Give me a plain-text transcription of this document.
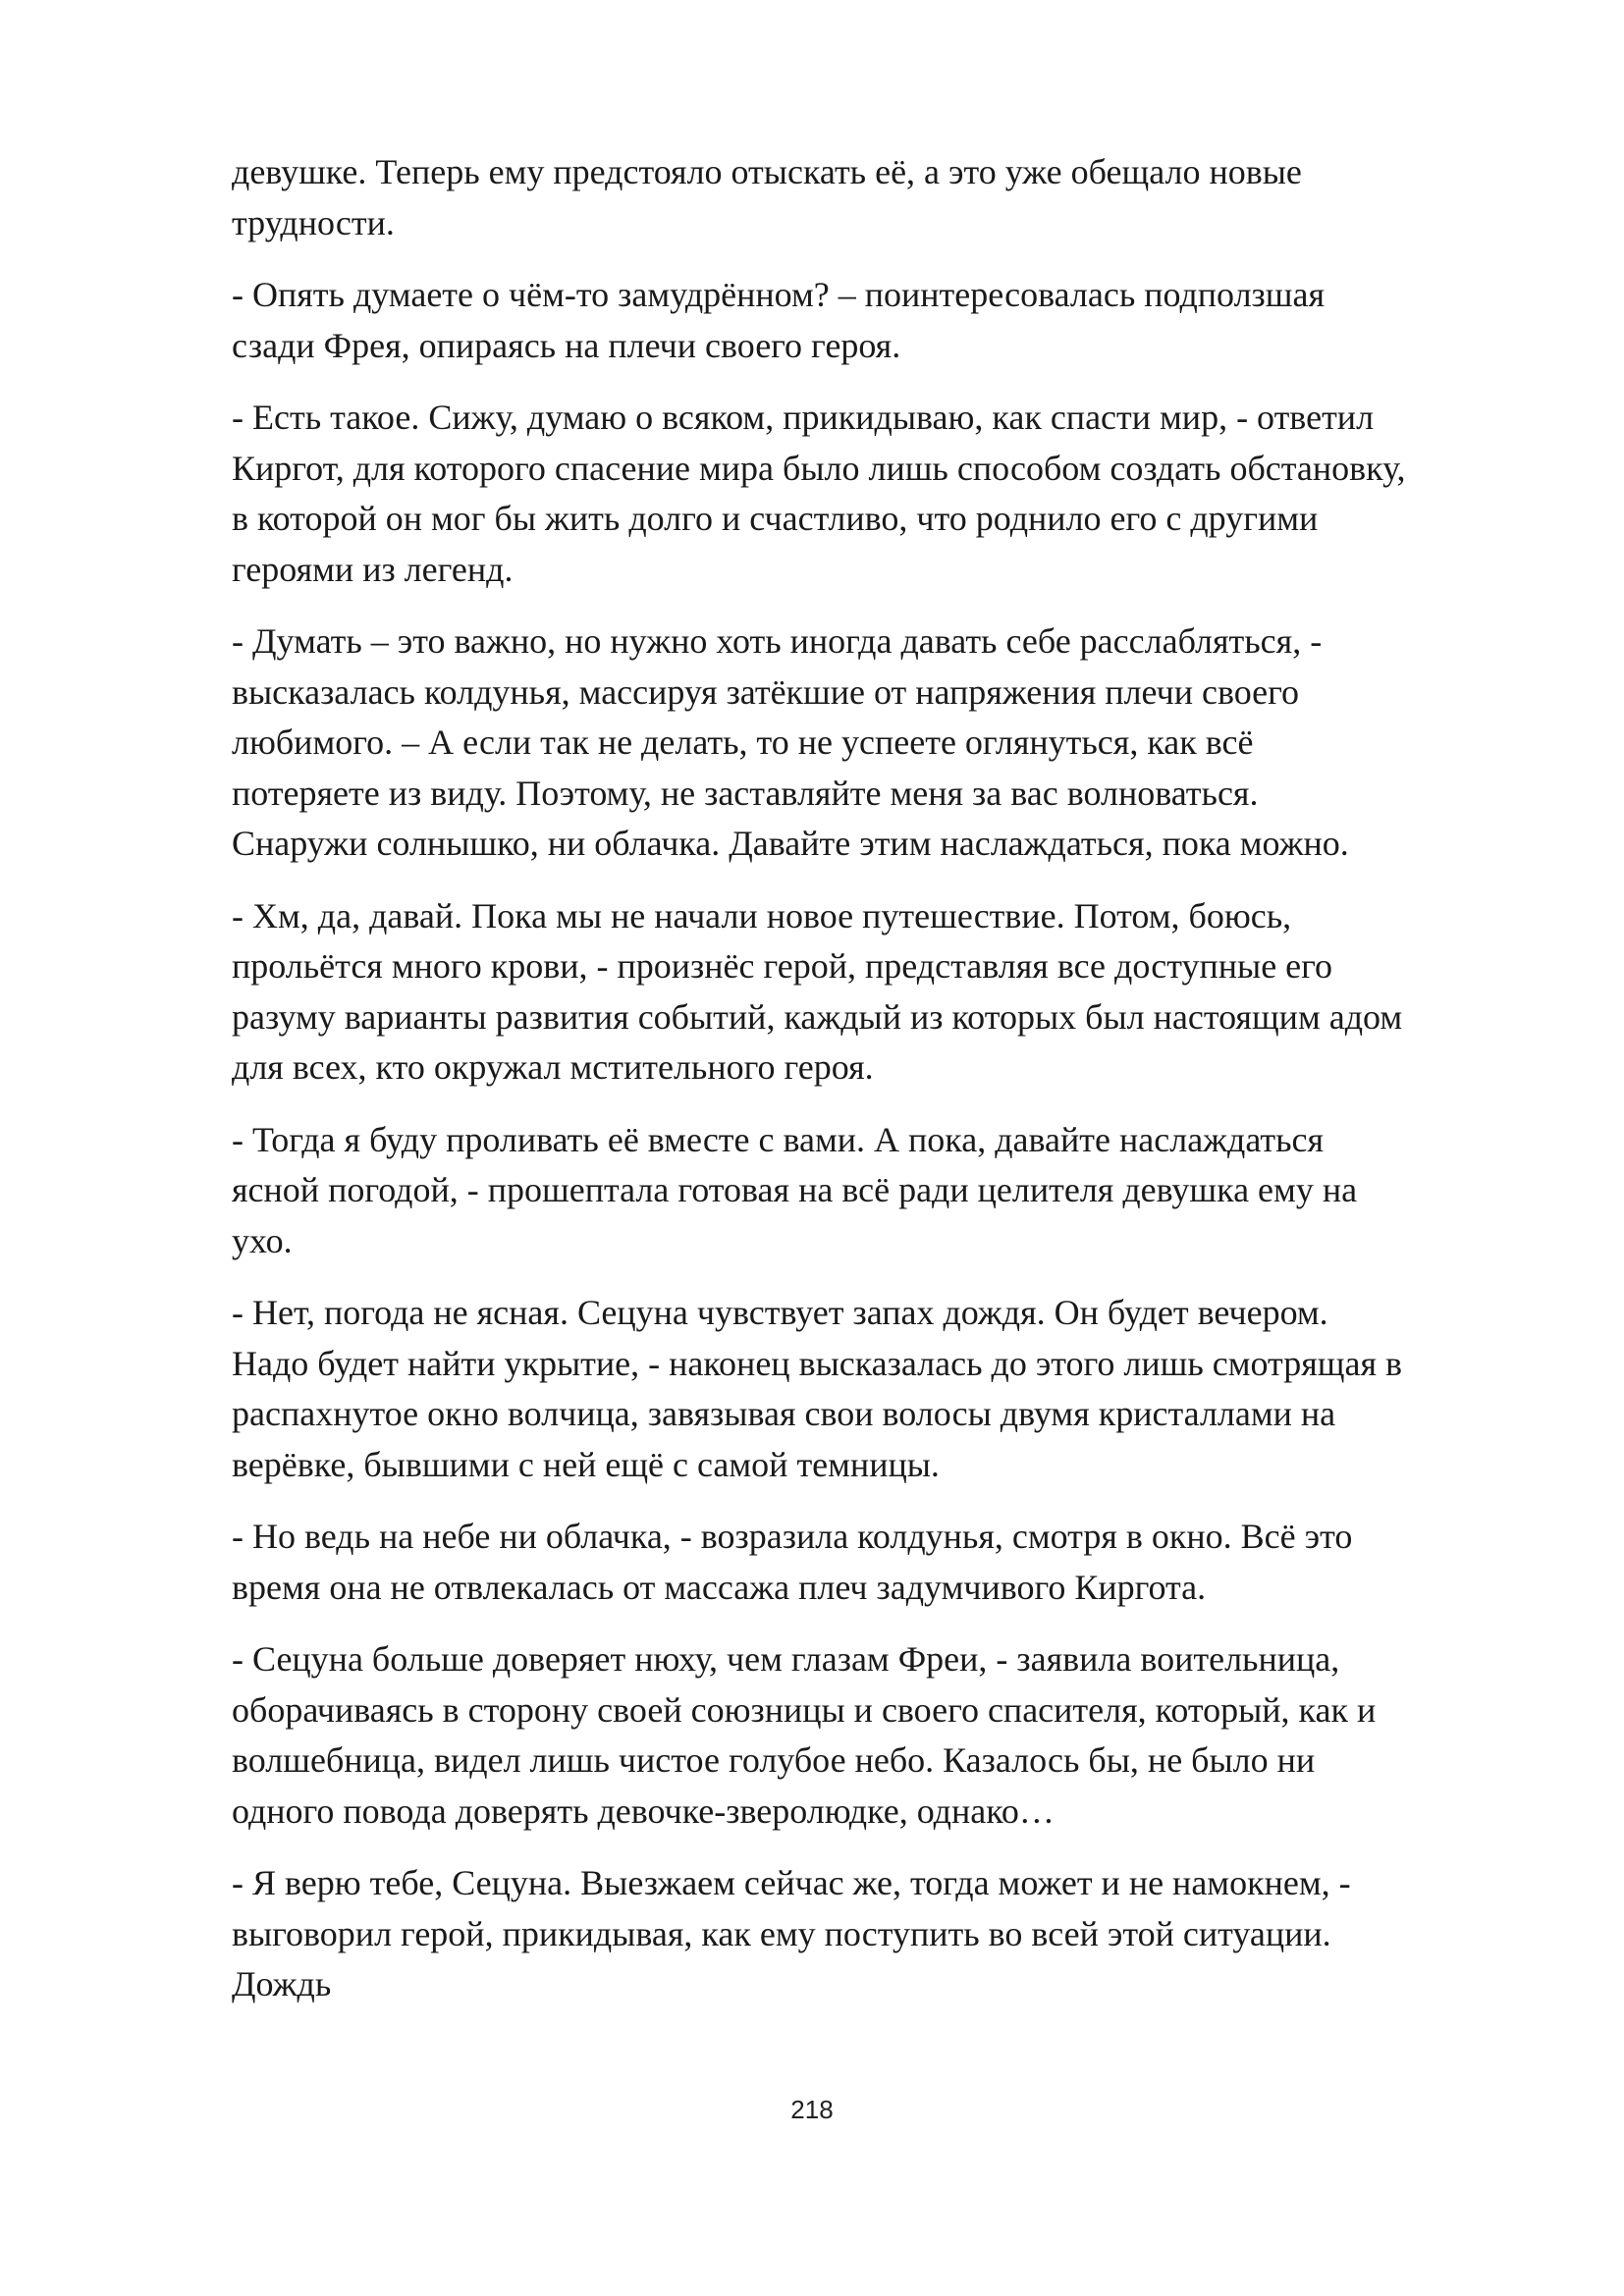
девушке. Теперь ему предстояло отыскать её, а это уже обещало новые
трудности.

- Опять думаете о чём-то замудрённом? – поинтересовалась подползшая
сзади Фрея, опираясь на плечи своего героя.

- Есть такое. Сижу, думаю о всяком, прикидываю, как спасти мир, - ответил
Киргот, для которого спасение мира было лишь способом создать обстановку,
в которой он мог бы жить долго и счастливо, что роднило его с другими
героями из легенд.

- Думать – это важно, но нужно хоть иногда давать себе расслабляться, -
высказалась колдунья, массируя затёкшие от напряжения плечи своего
любимого. – А если так не делать, то не успеете оглянуться, как всё
потеряете из виду. Поэтому, не заставляйте меня за вас волноваться.
Снаружи солнышко, ни облачка. Давайте этим наслаждаться, пока можно.

- Хм, да, давай. Пока мы не начали новое путешествие. Потом, боюсь,
прольётся много крови, - произнёс герой, представляя все доступные его
разуму варианты развития событий, каждый из которых был настоящим адом
для всех, кто окружал мстительного героя.

- Тогда я буду проливать её вместе с вами. А пока, давайте наслаждаться
ясной погодой, - прошептала готовая на всё ради целителя девушка ему на
ухо.

- Нет, погода не ясная. Сецуна чувствует запах дождя. Он будет вечером.
Надо будет найти укрытие, - наконец высказалась до этого лишь смотрящая в
распахнутое окно волчица, завязывая свои волосы двумя кристаллами на
верёвке, бывшими с ней ещё с самой темницы.

- Но ведь на небе ни облачка, - возразила колдунья, смотря в окно. Всё это
время она не отвлекалась от массажа плеч задумчивого Киргота.

- Сецуна больше доверяет нюху, чем глазам Фреи, - заявила воительница,
оборачиваясь в сторону своей союзницы и своего спасителя, который, как и
волшебница, видел лишь чистое голубое небо. Казалось бы, не было ни
одного повода доверять девочке-зверолюдке, однако…

- Я верю тебе, Сецуна. Выезжаем сейчас же, тогда может и не намокнем, -
выговорил герой, прикидывая, как ему поступить во всей этой ситуации.
Дождь

218
